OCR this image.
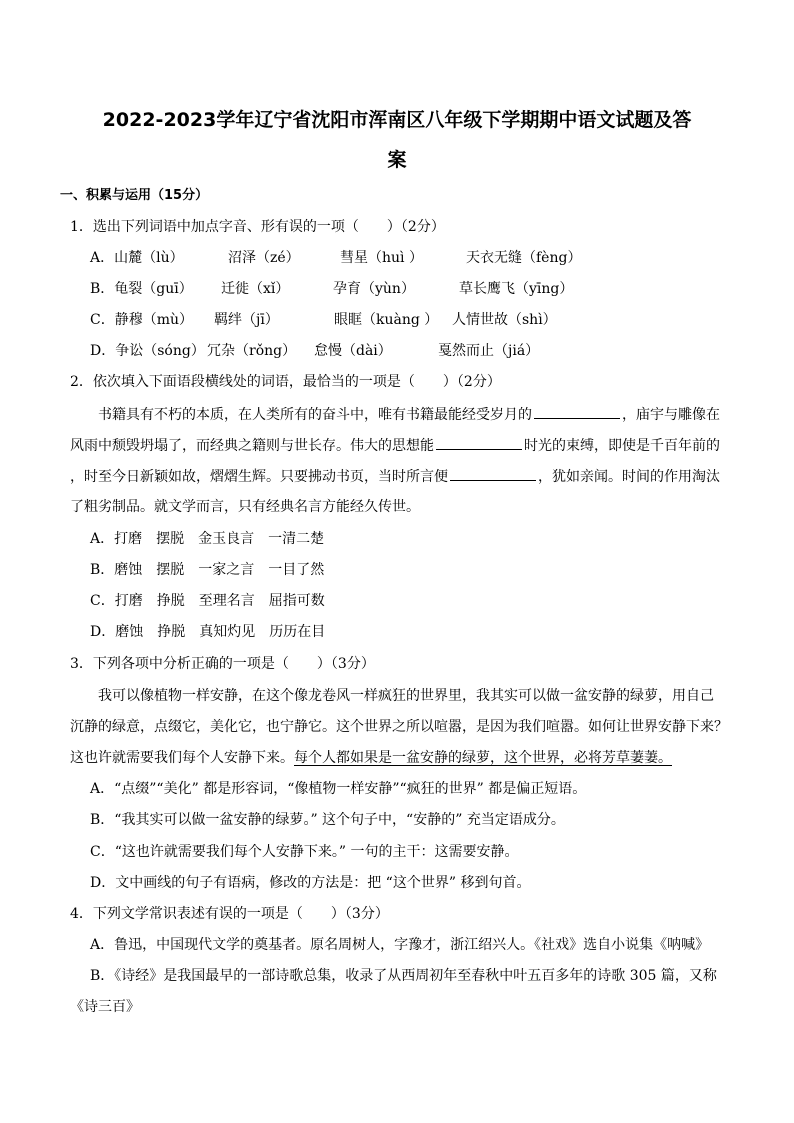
2022-2023学年辽宁省沈阳市浑南区八年级下学期期中语文试题及答
案
一、积累与运用（15分）
1．选出下列词语中加点字音、形有误的一项（　　）（2分）
A．山麓（lù）	沼泽（zé）	彗星（huì ）	天衣无缝（fèng）
B．龟裂（guī） 迁徙（xǐ）	孕育（yùn）	草长鹰飞（yīng）
C．静穆（mù） 羁绊（jī）	眼眶（kuàng ） 人情世故（shì）
D．争讼（sóng） 冗杂（rǒng） 怠慢（dài）	戛然而止（jiá）
2．依次填入下面语段横线处的词语，最恰当的一项是（　　）（2分）
书籍具有不朽的本质，在人类所有的奋斗中，唯有书籍最能经受岁月的	，庙宇与雕像在
风雨中颓毁坍塌了，而经典之籍则与世长存。伟大的思想能	时光的束缚，即使是千百年前的
，时至今日新颖如故，熠熠生辉。只要拂动书页，当时所言便	，犹如亲闻。时间的作用淘汰
了粗劣制品。就文学而言，只有经典名言方能经久传世。
A．打磨　摆脱　金玉良言　一清二楚
B．磨蚀　摆脱　一家之言　一目了然
C．打磨　挣脱　至理名言　屈指可数
D．磨蚀　挣脱　真知灼见　历历在目
3．下列各项中分析正确的一项是（　　）（3分）
我可以像植物一样安静，在这个像龙卷风一样疯狂的世界里，我其实可以做一盆安静的绿萝，用自己
沉静的绿意，点缀它，美化它，也宁静它。这个世界之所以喧嚣，是因为我们喧嚣。如何让世界安静下来？
这也许就需要我们每个人安静下来。每个人都如果是一盆安静的绿萝，这个世界，必将芳草萋萋。
A．“点缀”“美化” 都是形容词，“像植物一样安静”“疯狂的世界” 都是偏正短语。
B．“我其实可以做一盆安静的绿萝。” 这个句子中，“安静的” 充当定语成分。
C．“这也许就需要我们每个人安静下来。” 一句的主干：这需要安静。
D．文中画线的句子有语病，修改的方法是：把 “这个世界” 移到句首。
4．下列文学常识表述有误的一项是（　　）（3分）
A．鲁迅，中国现代文学的奠基者。原名周树人，字豫才，浙江绍兴人。《社戏》选自小说集《呐喊》
B．《诗经》是我国最早的一部诗歌总集，收录了从西周初年至春秋中叶五百多年的诗歌 305 篇，又称
《诗三百》
